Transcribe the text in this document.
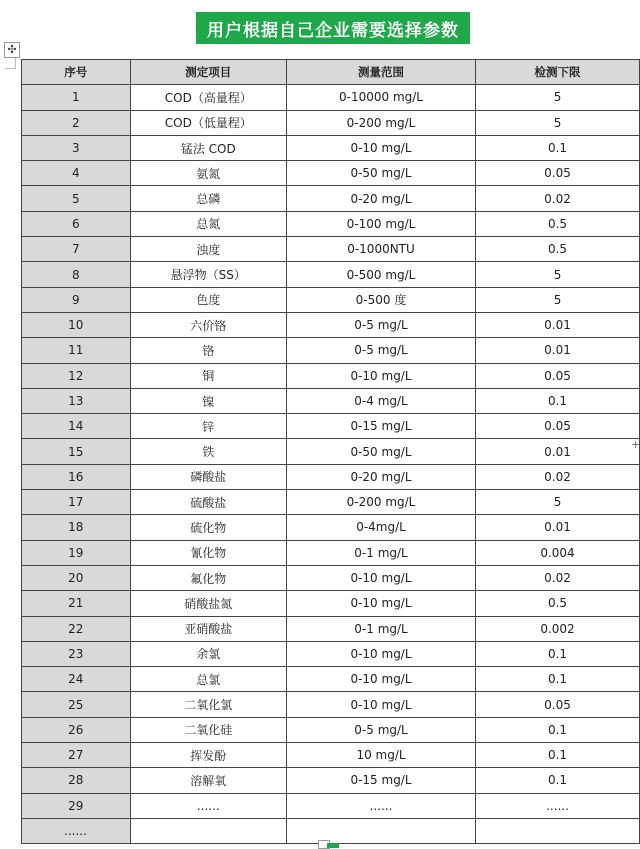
用户根据自己企业需要选择参数
✣
+
序号	测定项目	测量范围	检测下限
1	COD（高量程）	0-10000 mg/L	5
2	COD（低量程）	0-200 mg/L	5
3	锰法 COD	0-10 mg/L	0.1
4	氨氮	0-50 mg/L	0.05
5	总磷	0-20 mg/L	0.02
6	总氮	0-100 mg/L	0.5
7	浊度	0-1000NTU	0.5
8	悬浮物（SS）	0-500 mg/L	5
9	色度	0-500 度	5
10	六价铬	0-5 mg/L	0.01
11	铬	0-5 mg/L	0.01
12	铜	0-10 mg/L	0.05
13	镍	0-4 mg/L	0.1
14	锌	0-15 mg/L	0.05
15	铁	0-50 mg/L	0.01
16	磷酸盐	0-20 mg/L	0.02
17	硫酸盐	0-200 mg/L	5
18	硫化物	0-4mg/L	0.01
19	氰化物	0-1 mg/L	0.004
20	氟化物	0-10 mg/L	0.02
21	硝酸盐氮	0-10 mg/L	0.5
22	亚硝酸盐	0-1 mg/L	0.002
23	余氯	0-10 mg/L	0.1
24	总氯	0-10 mg/L	0.1
25	二氧化氯	0-10 mg/L	0.05
26	二氧化硅	0-5 mg/L	0.1
27	挥发酚	10 mg/L	0.1
28	溶解氧	0-15 mg/L	0.1
29	......	......	......
......			
